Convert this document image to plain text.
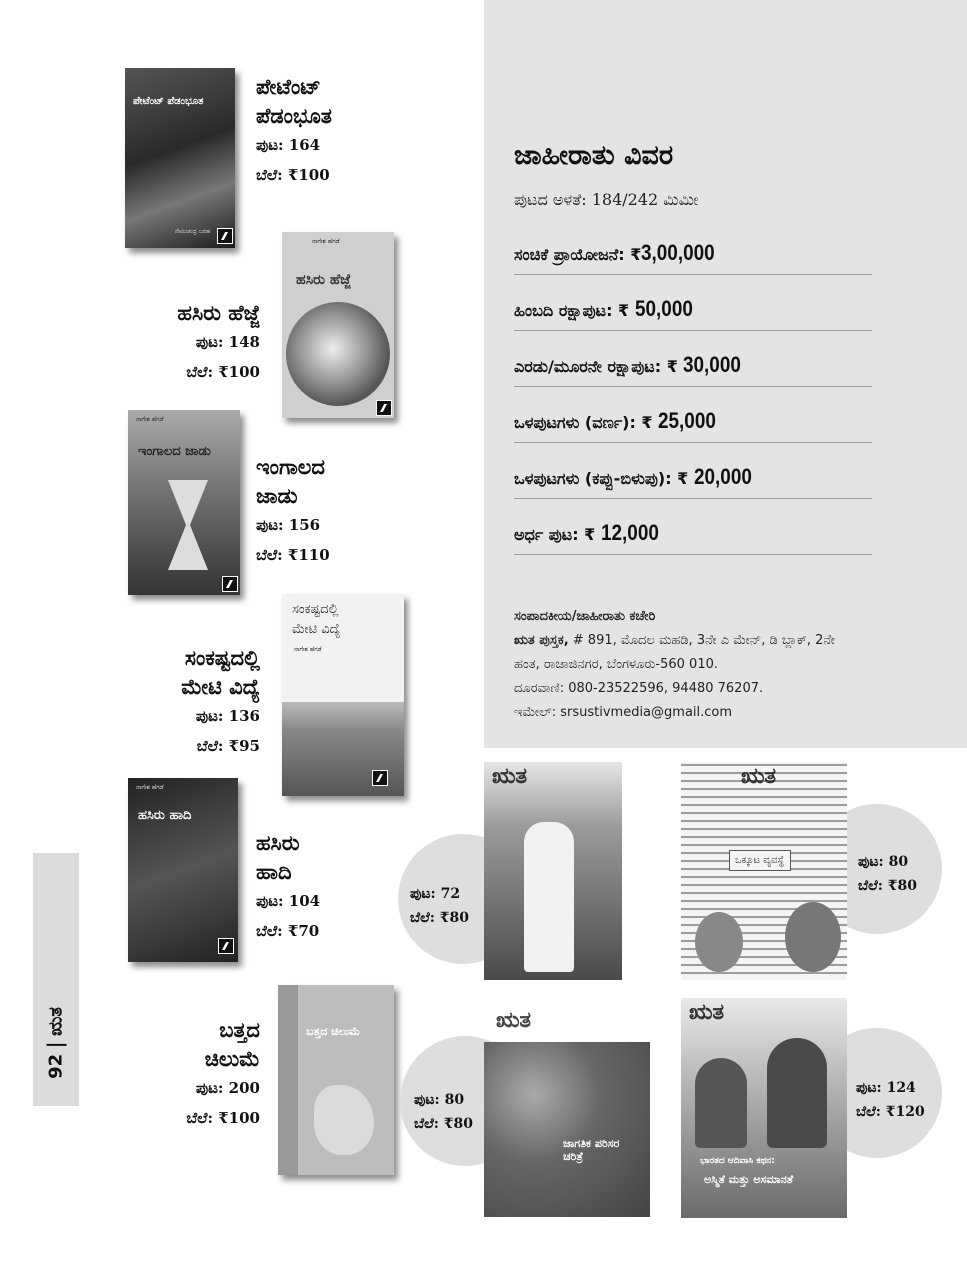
ಪೇಟೆಂಟ್ ಪೆಡಂಭೂತ
ನೇಮಿಚಂದ್ರ ಬರಹ
ಪೇಟೆಂಟ್
ಪೆಡಂಭೂತ
ಪುಟ: 164
ಬೆಲೆ: ₹100
ಹಸಿರು ಹೆಜ್ಜೆ
ಪುಟ: 148
ಬೆಲೆ: ₹100
ನಾಗೇಶ ಹೆಗಡೆ
ಹಸಿರು ಹೆಜ್ಜೆ
ನಾಗೇಶ ಹೆಗಡೆ
ಇಂಗಾಲದ ಜಾಡು
ಇಂಗಾಲದ
ಜಾಡು
ಪುಟ: 156
ಬೆಲೆ: ₹110
ಸಂಕಷ್ಟದಲ್ಲಿ
ಮೇಟಿ ವಿದ್ಯೆ
ಪುಟ: 136
ಬೆಲೆ: ₹95
ಸಂಕಷ್ಟದಲ್ಲಿ
ಮೇಟಿ ವಿದ್ಯೆ
ನಾಗೇಶ ಹೆಗಡೆ
ನಾಗೇಶ ಹೆಗಡೆ
ಹಸಿರು ಹಾದಿ
ಹಸಿರು
ಹಾದಿ
ಪುಟ: 104
ಬೆಲೆ: ₹70
ಬತ್ತದ
ಚಿಲುಮೆ
ಪುಟ: 200
ಬೆಲೆ: ₹100
ಬತ್ತದ ಚಿಲುಮೆ
ಜಾಹೀರಾತು ವಿವರ
ಪುಟದ ಅಳತೆ: 184/242 ಮಿಮೀ
ಸಂಚಿಕೆ ಪ್ರಾಯೋಜನೆ: ₹3,00,000
ಹಿಂಬದಿ ರಕ್ಷಾಪುಟ: ₹ 50,000
ಎರಡು/ಮೂರನೇ ರಕ್ಷಾಪುಟ: ₹ 30,000
ಒಳಪುಟಗಳು (ವರ್ಣ): ₹ 25,000
ಒಳಪುಟಗಳು (ಕಪ್ಪು-ಬಿಳುಪು): ₹ 20,000
ಅರ್ಧ ಪುಟ: ₹ 12,000
ಸಂಪಾದಕೀಯ/ಜಾಹೀರಾತು ಕಚೇರಿ
ಋತ ಪುಸ್ತಕ, # 891, ಮೊದಲ ಮಹಡಿ, 3ನೇ ಎ ಮೇನ್, ಡಿ ಬ್ಲಾಕ್, 2ನೇ ಹಂತ, ರಾಜಾಜಿನಗರ, ಬೆಂಗಳೂರು-560 010.
ದೂರವಾಣಿ: 080-23522596, 94480 76207.
ಇಮೇಲ್: srsustivmedia@gmail.com
ಋತ
ಪುಟ: 72
ಬೆಲೆ: ₹80
ಋತ
ಒಕ್ಕೂಟ ವ್ಯವಸ್ಥೆ	ಪುಟ: 80
ಬೆಲೆ: ₹80
ಋತ
ಜಾಗತಿಕ ಪರಿಸರ ಚರಿತ್ರೆ
ಪುಟ: 80
ಬೆಲೆ: ₹80
ಋತ
ಭಾರತದ ಆದಿವಾಸಿ ಕಥನ:
ಅಸ್ಮಿತೆ ಮತ್ತು ಅಸಮಾನತೆ
ಪುಟ: 124
ಬೆಲೆ: ₹120
92ಋತ
